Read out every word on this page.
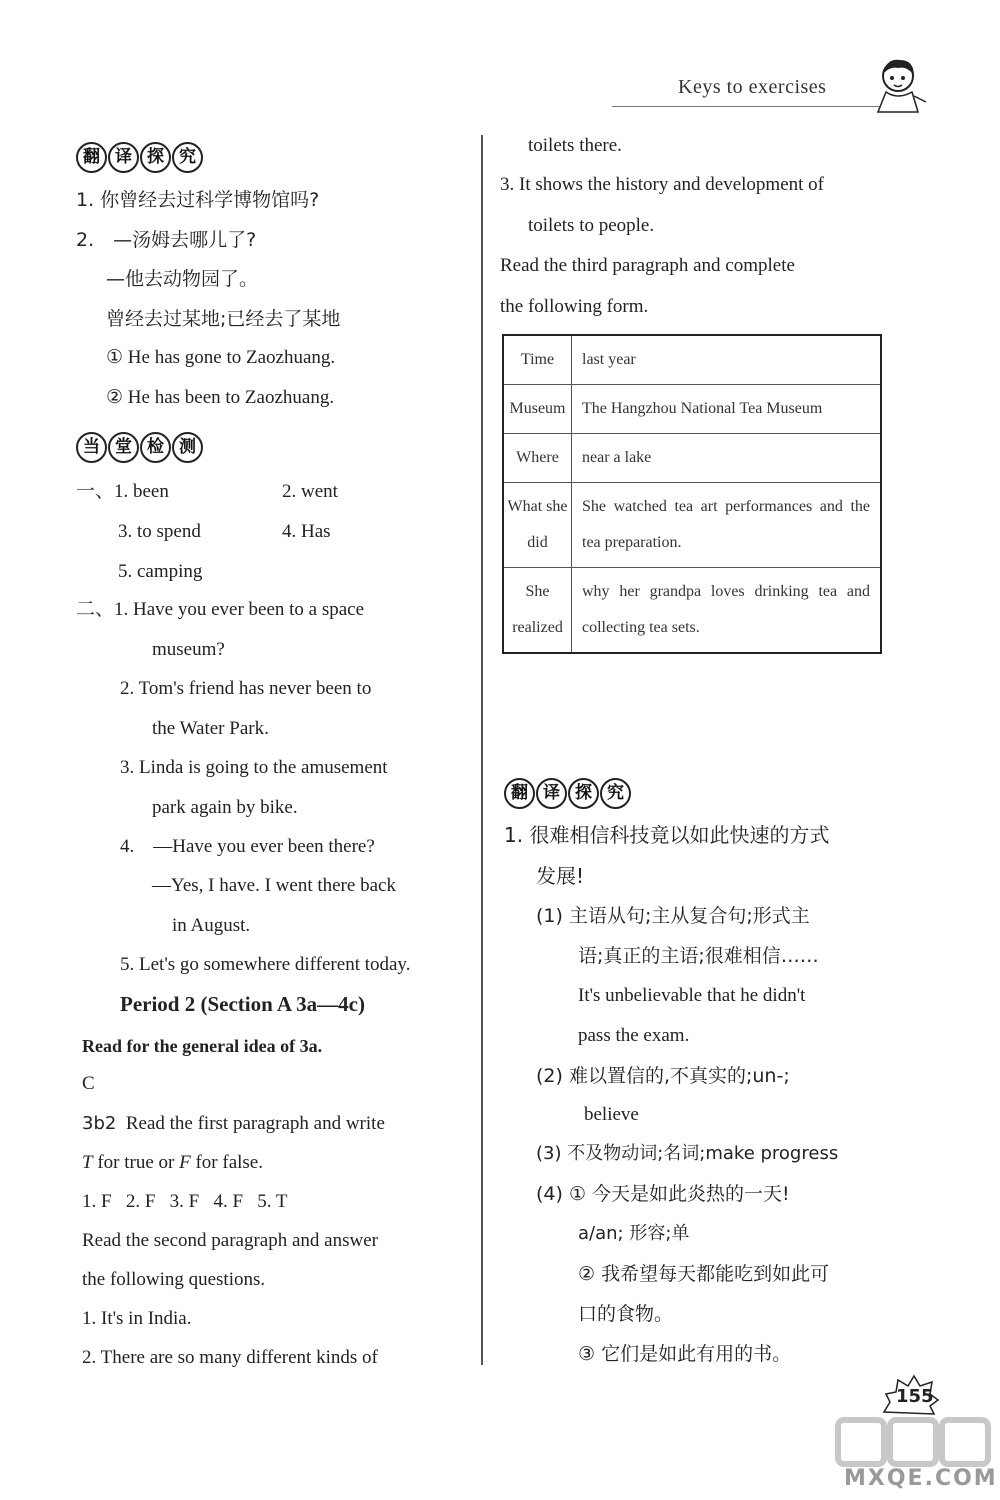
Keys to exercises
翻 译 探 究
1. 你曾经去过科学博物馆吗?
2.　—汤姆去哪儿了?
—他去动物园了。
曾经去过某地;已经去了某地
① He has gone to Zaozhuang.
② He has been to Zaozhuang.
当 堂 检 测
一、1. been	2. went
3. to spend	4. Has
5. camping
二、1. Have you ever been to a space
museum?
2. Tom's friend has never been to
the Water Park.
3. Linda is going to the amusement
park again by bike.
4.　—Have you ever been there?
—Yes, I have. I went there back
in August.
5. Let's go somewhere different today.
Period 2 (Section A 3a—4c)
Read for the general idea of 3a.
C
3b2 Read the first paragraph and write
T for true or F for false.
1. F   2. F   3. F   4. F   5. T
Read the second paragraph and answer
the following questions.
1. It's in India.
2. There are so many different kinds of
toilets there.
3. It shows the history and development of
toilets to people.
Read the third paragraph and complete
the following form.
Time	last year
Museum	The Hangzhou National Tea Museum
Where	near a lake
What she did	She watched tea art performances and the tea preparation.
She realized	why her grandpa loves drinking tea and collecting tea sets.
翻 译 探 究
1. 很难相信科技竟以如此快速的方式
发展!
(1) 主语从句;主从复合句;形式主
语;真正的主语;很难相信……
It's unbelievable that he didn't
pass the exam.
(2) 难以置信的,不真实的;un-;
believe
(3) 不及物动词;名词;make progress
(4) ① 今天是如此炎热的一天!
a/an; 形容;单
② 我希望每天都能吃到如此可
口的食物。
③ 它们是如此有用的书。
155
MXQE.COM
